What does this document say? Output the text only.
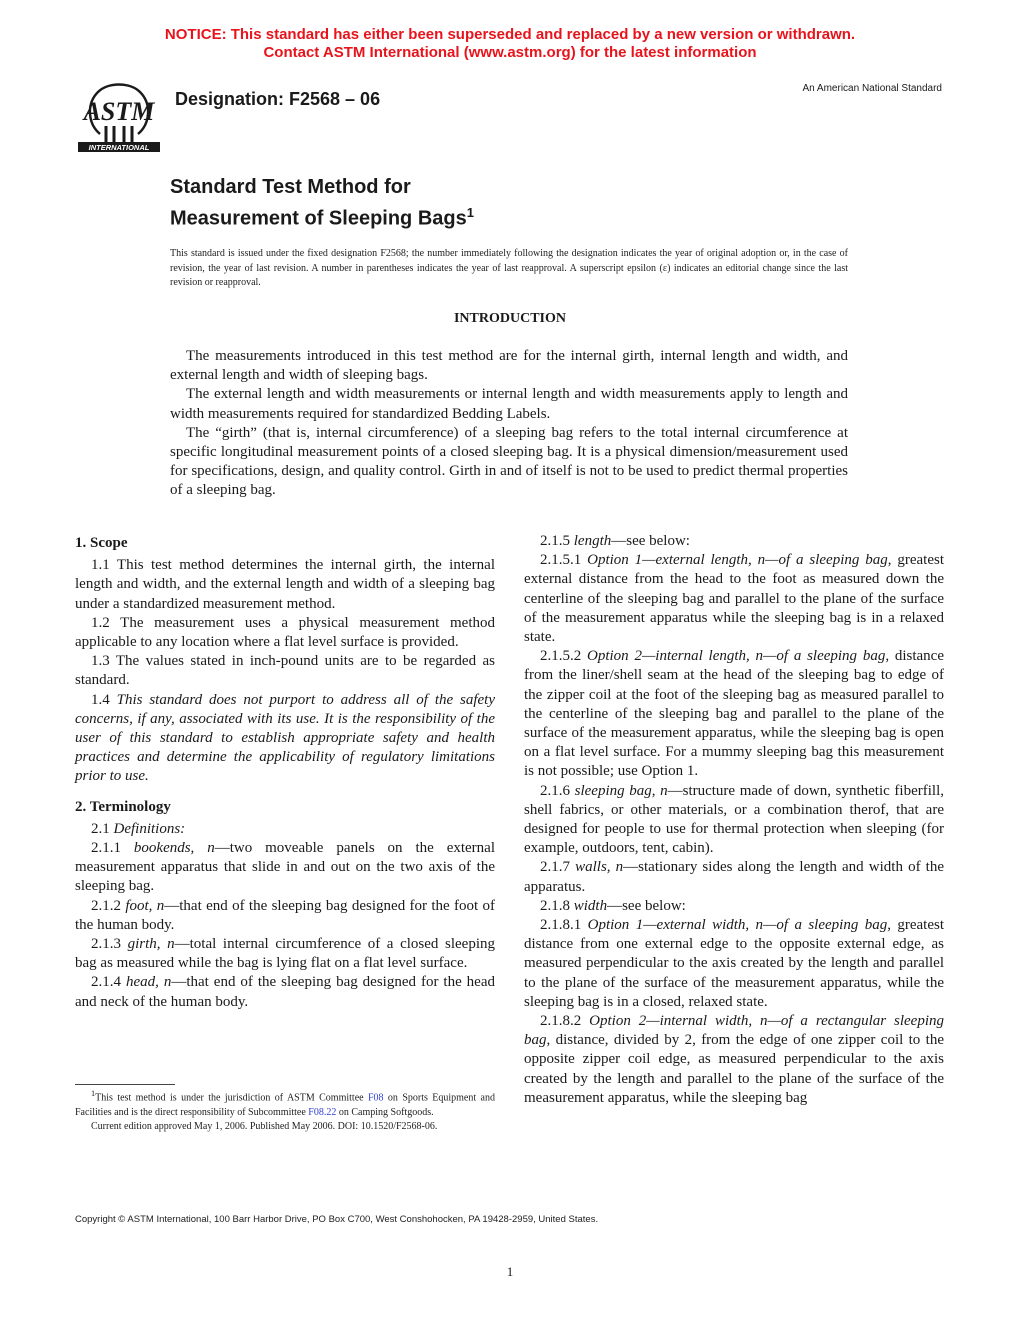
NOTICE: This standard has either been superseded and replaced by a new version or withdrawn.
Contact ASTM International (www.astm.org) for the latest information
ASTM
INTERNATIONAL
Designation: F2568 – 06
An American National Standard
Standard Test Method for
Measurement of Sleeping Bags$^1$
This standard is issued under the fixed designation F2568; the number immediately following the designation indicates the year of original adoption or, in the case of revision, the year of last revision. A number in parentheses indicates the year of last reapproval. A superscript epsilon (ε) indicates an editorial change since the last revision or reapproval.
INTRODUCTION

The measurements introduced in this test method are for the internal girth, internal length and width, and external length and width of sleeping bags.

The external length and width measurements or internal length and width measurements apply to length and width measurements required for standardized Bedding Labels.

The “girth” (that is, internal circumference) of a sleeping bag refers to the total internal circumference at specific longitudinal measurement points of a closed sleeping bag. It is a physical dimension/measurement used for specifications, design, and quality control. Girth in and of itself is not to be used to predict thermal properties of a sleeping bag.

1. Scope

1.1 This test method determines the internal girth, the internal length and width, and the external length and width of a sleeping bag under a standardized measurement method.

1.2 The measurement uses a physical measurement method applicable to any location where a flat level surface is provided.

1.3 The values stated in inch-pound units are to be regarded as standard.

1.4 This standard does not purport to address all of the safety concerns, if any, associated with its use. It is the responsibility of the user of this standard to establish appropriate safety and health practices and determine the applicability of regulatory limitations prior to use.

2. Terminology

2.1 Definitions:

2.1.1 bookends, n—two moveable panels on the external measurement apparatus that slide in and out on the two axis of the sleeping bag.

2.1.2 foot, n—that end of the sleeping bag designed for the foot of the human body.

2.1.3 girth, n—total internal circumference of a closed sleeping bag as measured while the bag is lying flat on a flat level surface.

2.1.4 head, n—that end of the sleeping bag designed for the head and neck of the human body.

2.1.5 length—see below:

2.1.5.1 Option 1—external length, n—of a sleeping bag, greatest external distance from the head to the foot as measured down the centerline of the sleeping bag and parallel to the plane of the surface of the measurement apparatus while the sleeping bag is in a relaxed state.

2.1.5.2 Option 2—internal length, n—of a sleeping bag, distance from the liner/shell seam at the head of the sleeping bag to edge of the zipper coil at the foot of the sleeping bag as measured parallel to the centerline of the sleeping bag and parallel to the plane of the surface of the measurement apparatus, while the sleeping bag is open on a flat level surface. For a mummy sleeping bag this measurement is not possible; use Option 1.

2.1.6 sleeping bag, n—structure made of down, synthetic fiberfill, shell fabrics, or other materials, or a combination therof, that are designed for people to use for thermal protection when sleeping (for example, outdoors, tent, cabin).

2.1.7 walls, n—stationary sides along the length and width of the apparatus.

2.1.8 width—see below:

2.1.8.1 Option 1—external width, n—of a sleeping bag, greatest distance from one external edge to the opposite external edge, as measured perpendicular to the axis created by the length and parallel to the plane of the surface of the measurement apparatus, while the sleeping bag is in a closed, relaxed state.

2.1.8.2 Option 2—internal width, n—of a rectangular sleeping bag, distance, divided by 2, from the edge of one zipper coil to the opposite zipper coil edge, as measured perpendicular to the axis created by the length and parallel to the plane of the surface of the measurement apparatus, while the sleeping bag

$^1$This test method is under the jurisdiction of ASTM Committee F08 on Sports Equipment and Facilities and is the direct responsibility of Subcommittee F08.22 on Camping Softgoods.

Current edition approved May 1, 2006. Published May 2006. DOI: 10.1520/F2568-06.

Copyright © ASTM International, 100 Barr Harbor Drive, PO Box C700, West Conshohocken, PA 19428-2959, United States.
1
